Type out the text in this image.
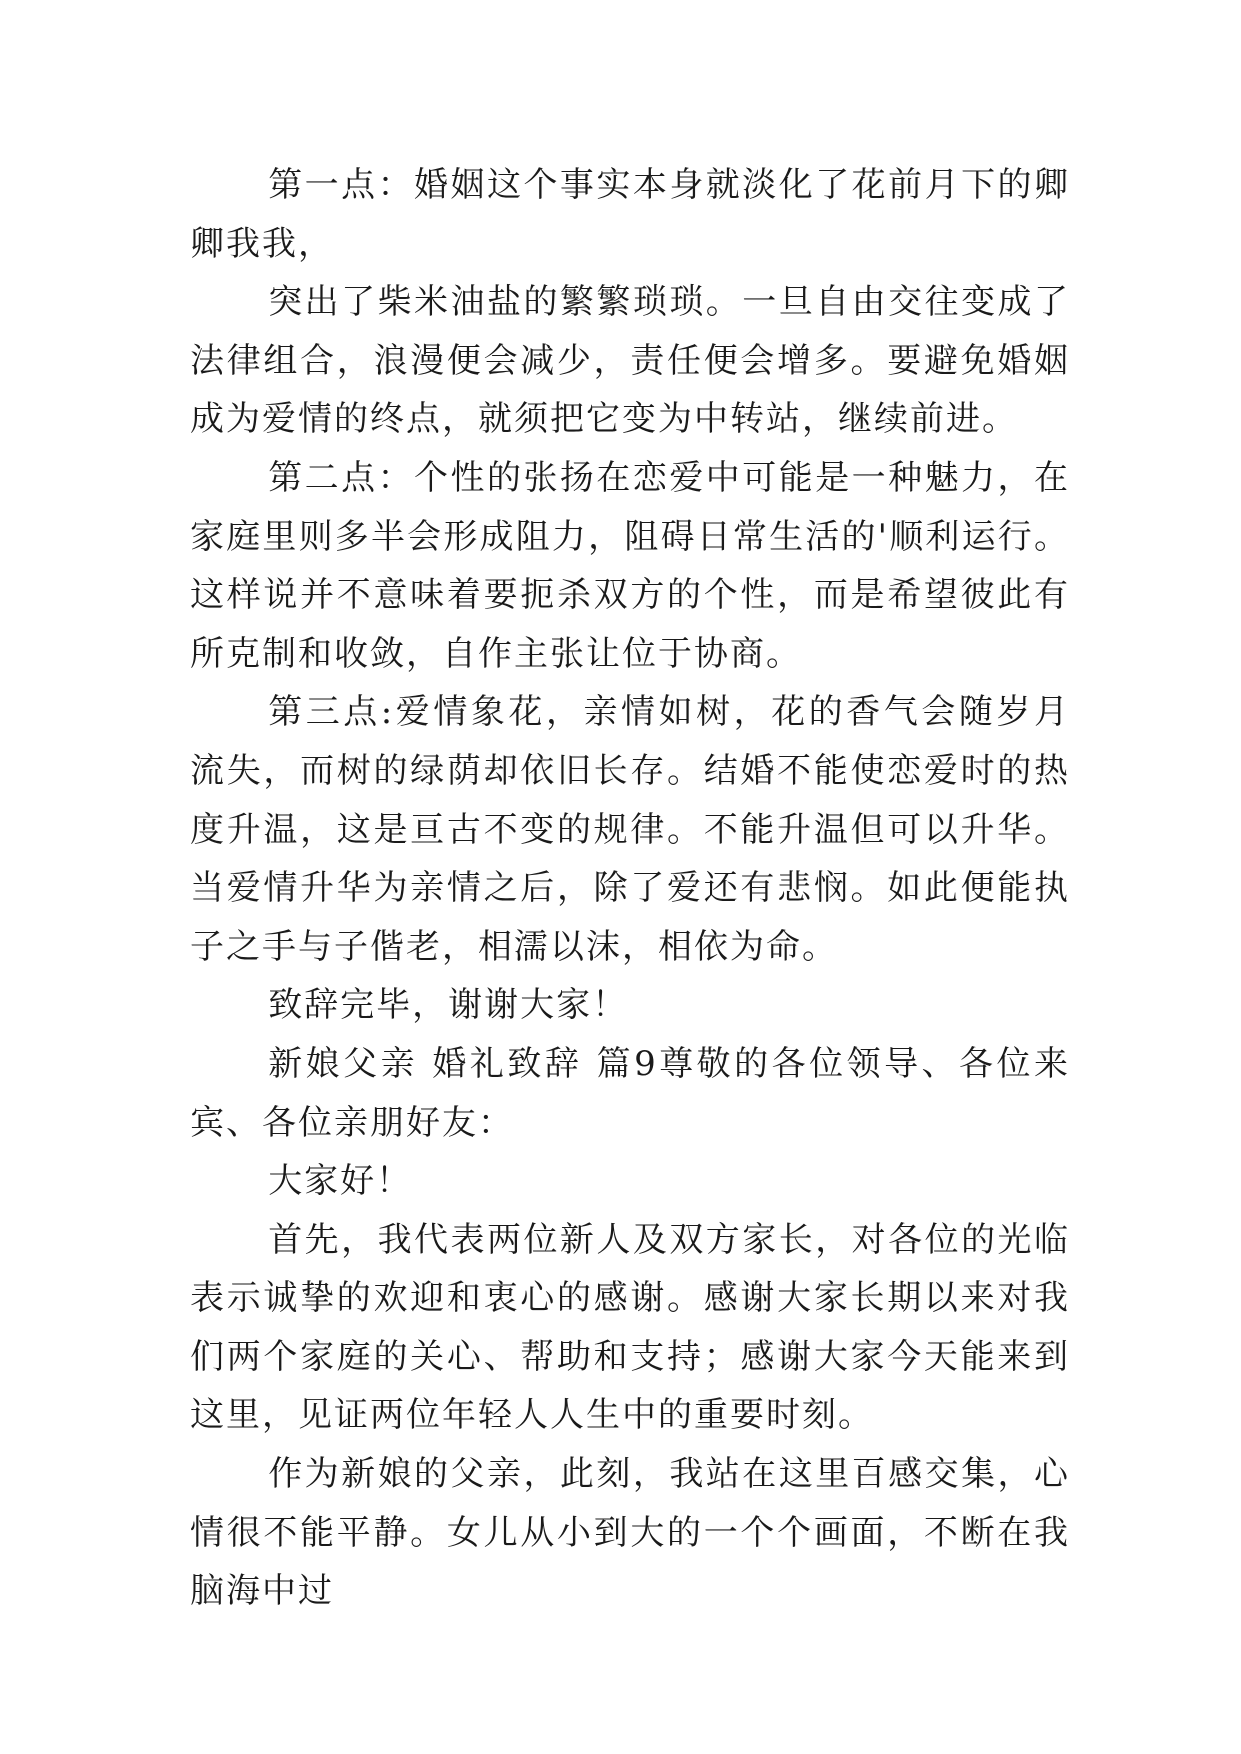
第一点：婚姻这个事实本身就淡化了花前月下的卿卿我我，

突出了柴米油盐的繁繁琐琐。一旦自由交往变成了法律组合，浪漫便会减少，责任便会增多。要避免婚姻成为爱情的终点，就须把它变为中转站，继续前进。

第二点：个性的张扬在恋爱中可能是一种魅力，在家庭里则多半会形成阻力，阻碍日常生活的'顺利运行。这样说并不意味着要扼杀双方的个性，而是希望彼此有所克制和收敛，自作主张让位于协商。

第三点:爱情象花，亲情如树，花的香气会随岁月流失，而树的绿荫却依旧长存。结婚不能使恋爱时的热度升温，这是亘古不变的规律。不能升温但可以升华。当爱情升华为亲情之后，除了爱还有悲悯。如此便能执子之手与子偕老，相濡以沫，相依为命。

致辞完毕，谢谢大家！

新娘父亲 婚礼致辞 篇9尊敬的各位领导、各位来宾、各位亲朋好友：

大家好！

首先，我代表两位新人及双方家长，对各位的光临表示诚挚的欢迎和衷心的感谢。感谢大家长期以来对我们两个家庭的关心、帮助和支持；感谢大家今天能来到这里，见证两位年轻人人生中的重要时刻。

作为新娘的父亲，此刻，我站在这里百感交集，心情很不能平静。女儿从小到大的一个个画面，不断在我脑海中过
